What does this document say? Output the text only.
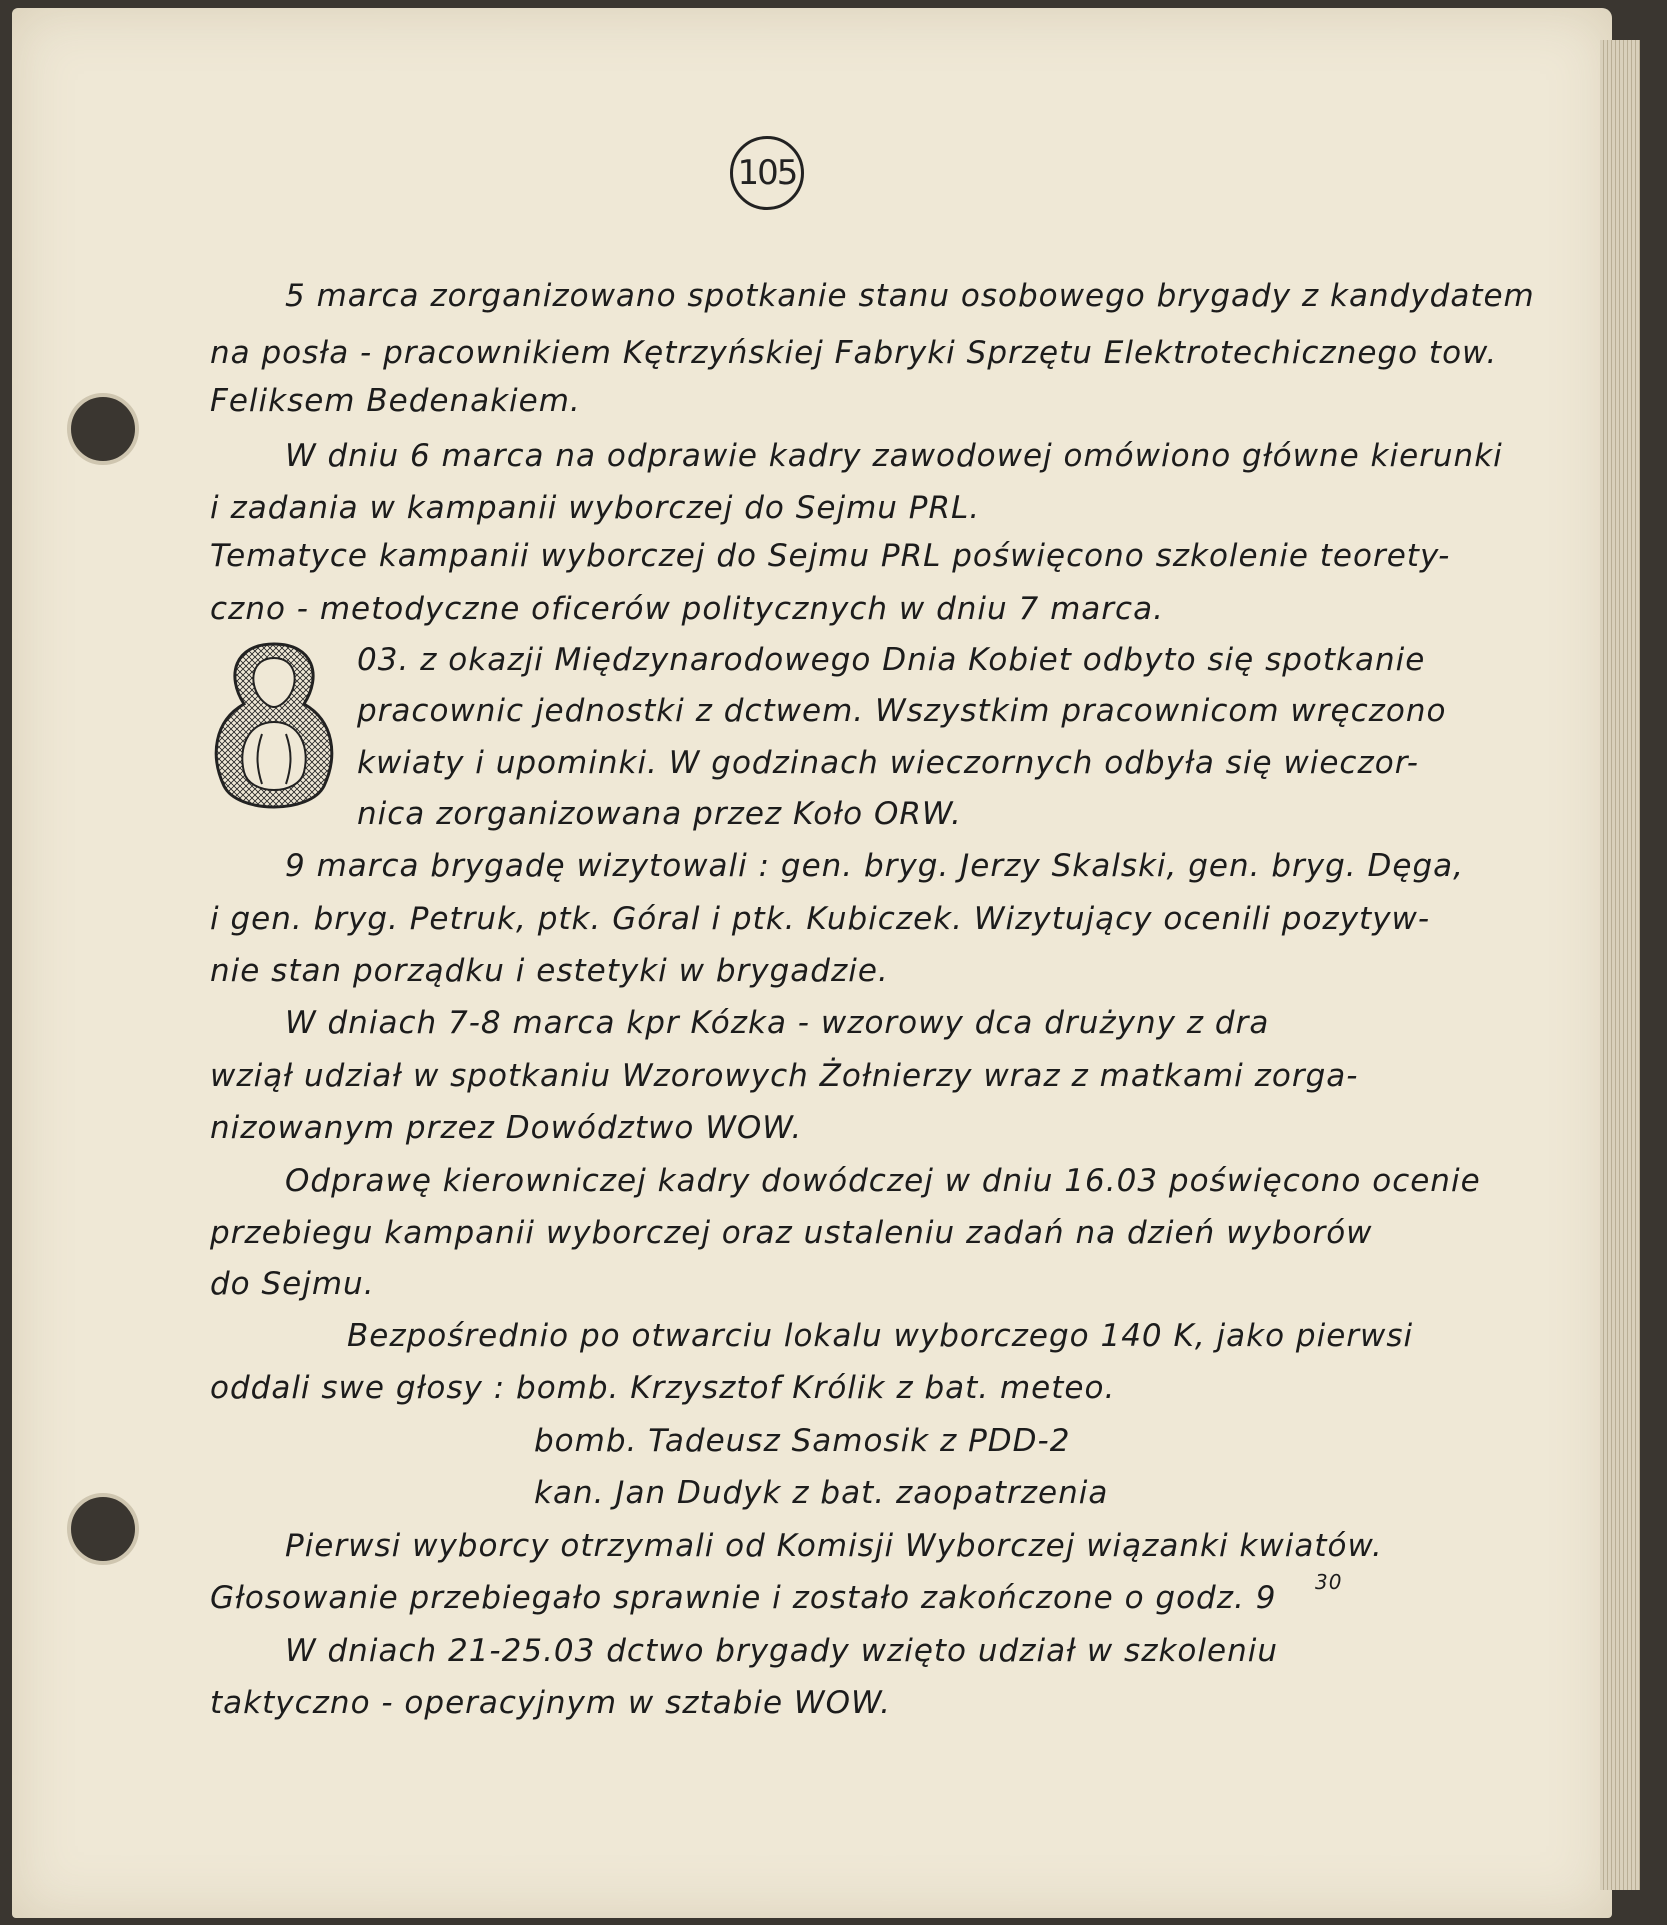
105
5 marca zorganizowano spotkanie stanu osobowego brygady z kandydatem
na posła - pracownikiem Kętrzyńskiej Fabryki Sprzętu Elektrotechicznego tow.
Feliksem Bedenakiem.
W dniu 6 marca na odprawie kadry zawodowej omówiono główne kierunki
i zadania w kampanii wyborczej do Sejmu PRL.
Tematyce kampanii wyborczej do Sejmu PRL poświęcono szkolenie teorety-
czno - metodyczne oficerów politycznych w dniu 7 marca.
03. z okazji Międzynarodowego Dnia Kobiet odbyto się spotkanie
pracownic jednostki z dctwem. Wszystkim pracownicom wręczono
kwiaty i upominki. W godzinach wieczornych odbyła się wieczor-
nica zorganizowana przez Koło ORW.
9 marca brygadę wizytowali : gen. bryg. Jerzy Skalski, gen. bryg. Dęga,
i gen. bryg. Petruk, ptk. Góral i ptk. Kubiczek. Wizytujący ocenili pozytyw-
nie stan porządku i estetyki w brygadzie.
W dniach 7-8 marca kpr Kózka - wzorowy dca drużyny z dra
wziął udział w spotkaniu Wzorowych Żołnierzy wraz z matkami zorga-
nizowanym przez Dowództwo WOW.
Odprawę kierowniczej kadry dowódczej w dniu 16.03 poświęcono ocenie
przebiegu kampanii wyborczej oraz ustaleniu zadań na dzień wyborów
do Sejmu.
Bezpośrednio po otwarciu lokalu wyborczego 140 K, jako pierwsi
oddali swe głosy : bomb. Krzysztof Królik z bat. meteo.
bomb. Tadeusz Samosik z PDD-2
kan. Jan Dudyk z bat. zaopatrzenia
Pierwsi wyborcy otrzymali od Komisji Wyborczej wiązanki kwiatów.
Głosowanie przebiegało sprawnie i zostało zakończone o godz. 9 30
W dniach 21-25.03 dctwo brygady wzięto udział w szkoleniu
taktyczno - operacyjnym w sztabie WOW.
